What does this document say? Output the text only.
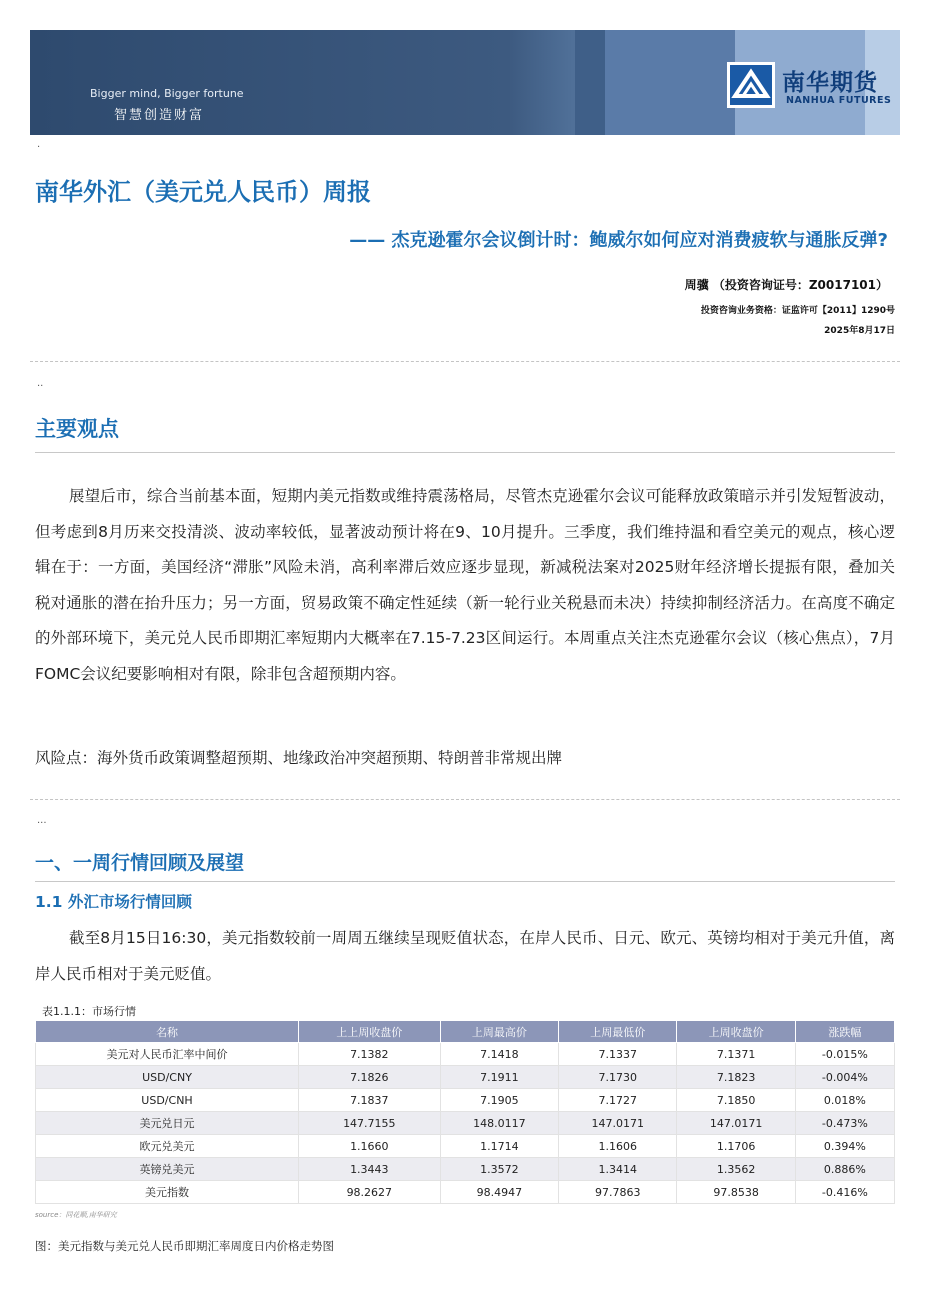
Bigger mind, Bigger fortune
智慧创造财富
南华期货
NANHUA FUTURES
.
南华外汇（美元兑人民币）周报
—— 杰克逊霍尔会议倒计时：鲍威尔如何应对消费疲软与通胀反弹?
周骥 （投资咨询证号：Z0017101）
投资咨询业务资格：证监许可【2011】1290号
2025年8月17日
..
主要观点

展望后市，综合当前基本面，短期内美元指数或维持震荡格局，尽管杰克逊霍尔会议可能释放政策暗示并引发短暂波动，但考虑到8月历来交投清淡、波动率较低，显著波动预计将在9、10月提升。三季度，我们维持温和看空美元的观点，核心逻辑在于：一方面，美国经济“滞胀”风险未消，高利率滞后效应逐步显现，新减税法案对2025财年经济增长提振有限，叠加关税对通胀的潜在抬升压力；另一方面，贸易政策不确定性延续（新一轮行业关税悬而未决）持续抑制经济活力。在高度不确定的外部环境下，美元兑人民币即期汇率短期内大概率在7.15-7.23区间运行。本周重点关注杰克逊霍尔会议（核心焦点），7月FOMC会议纪要影响相对有限，除非包含超预期内容。

风险点：海外货币政策调整超预期、地缘政治冲突超预期、特朗普非常规出牌
...
一、一周行情回顾及展望
1.1 外汇市场行情回顾

截至8月15日16:30，美元指数较前一周周五继续呈现贬值状态，在岸人民币、日元、欧元、英镑均相对于美元升值，离岸人民币相对于美元贬值。

表1.1.1：市场行情
名称	上上周收盘价	上周最高价	上周最低价	上周收盘价	涨跌幅
美元对人民币汇率中间价	7.1382	7.1418	7.1337	7.1371	-0.015%
USD/CNY	7.1826	7.1911	7.1730	7.1823	-0.004%
USD/CNH	7.1837	7.1905	7.1727	7.1850	0.018%
美元兑日元	147.7155	148.0117	147.0171	147.0171	-0.473%
欧元兑美元	1.1660	1.1714	1.1606	1.1706	0.394%
英镑兑美元	1.3443	1.3572	1.3414	1.3562	0.886%
美元指数	98.2627	98.4947	97.7863	97.8538	-0.416%
source：同花顺,南华研究
图：美元指数与美元兑人民币即期汇率周度日内价格走势图
